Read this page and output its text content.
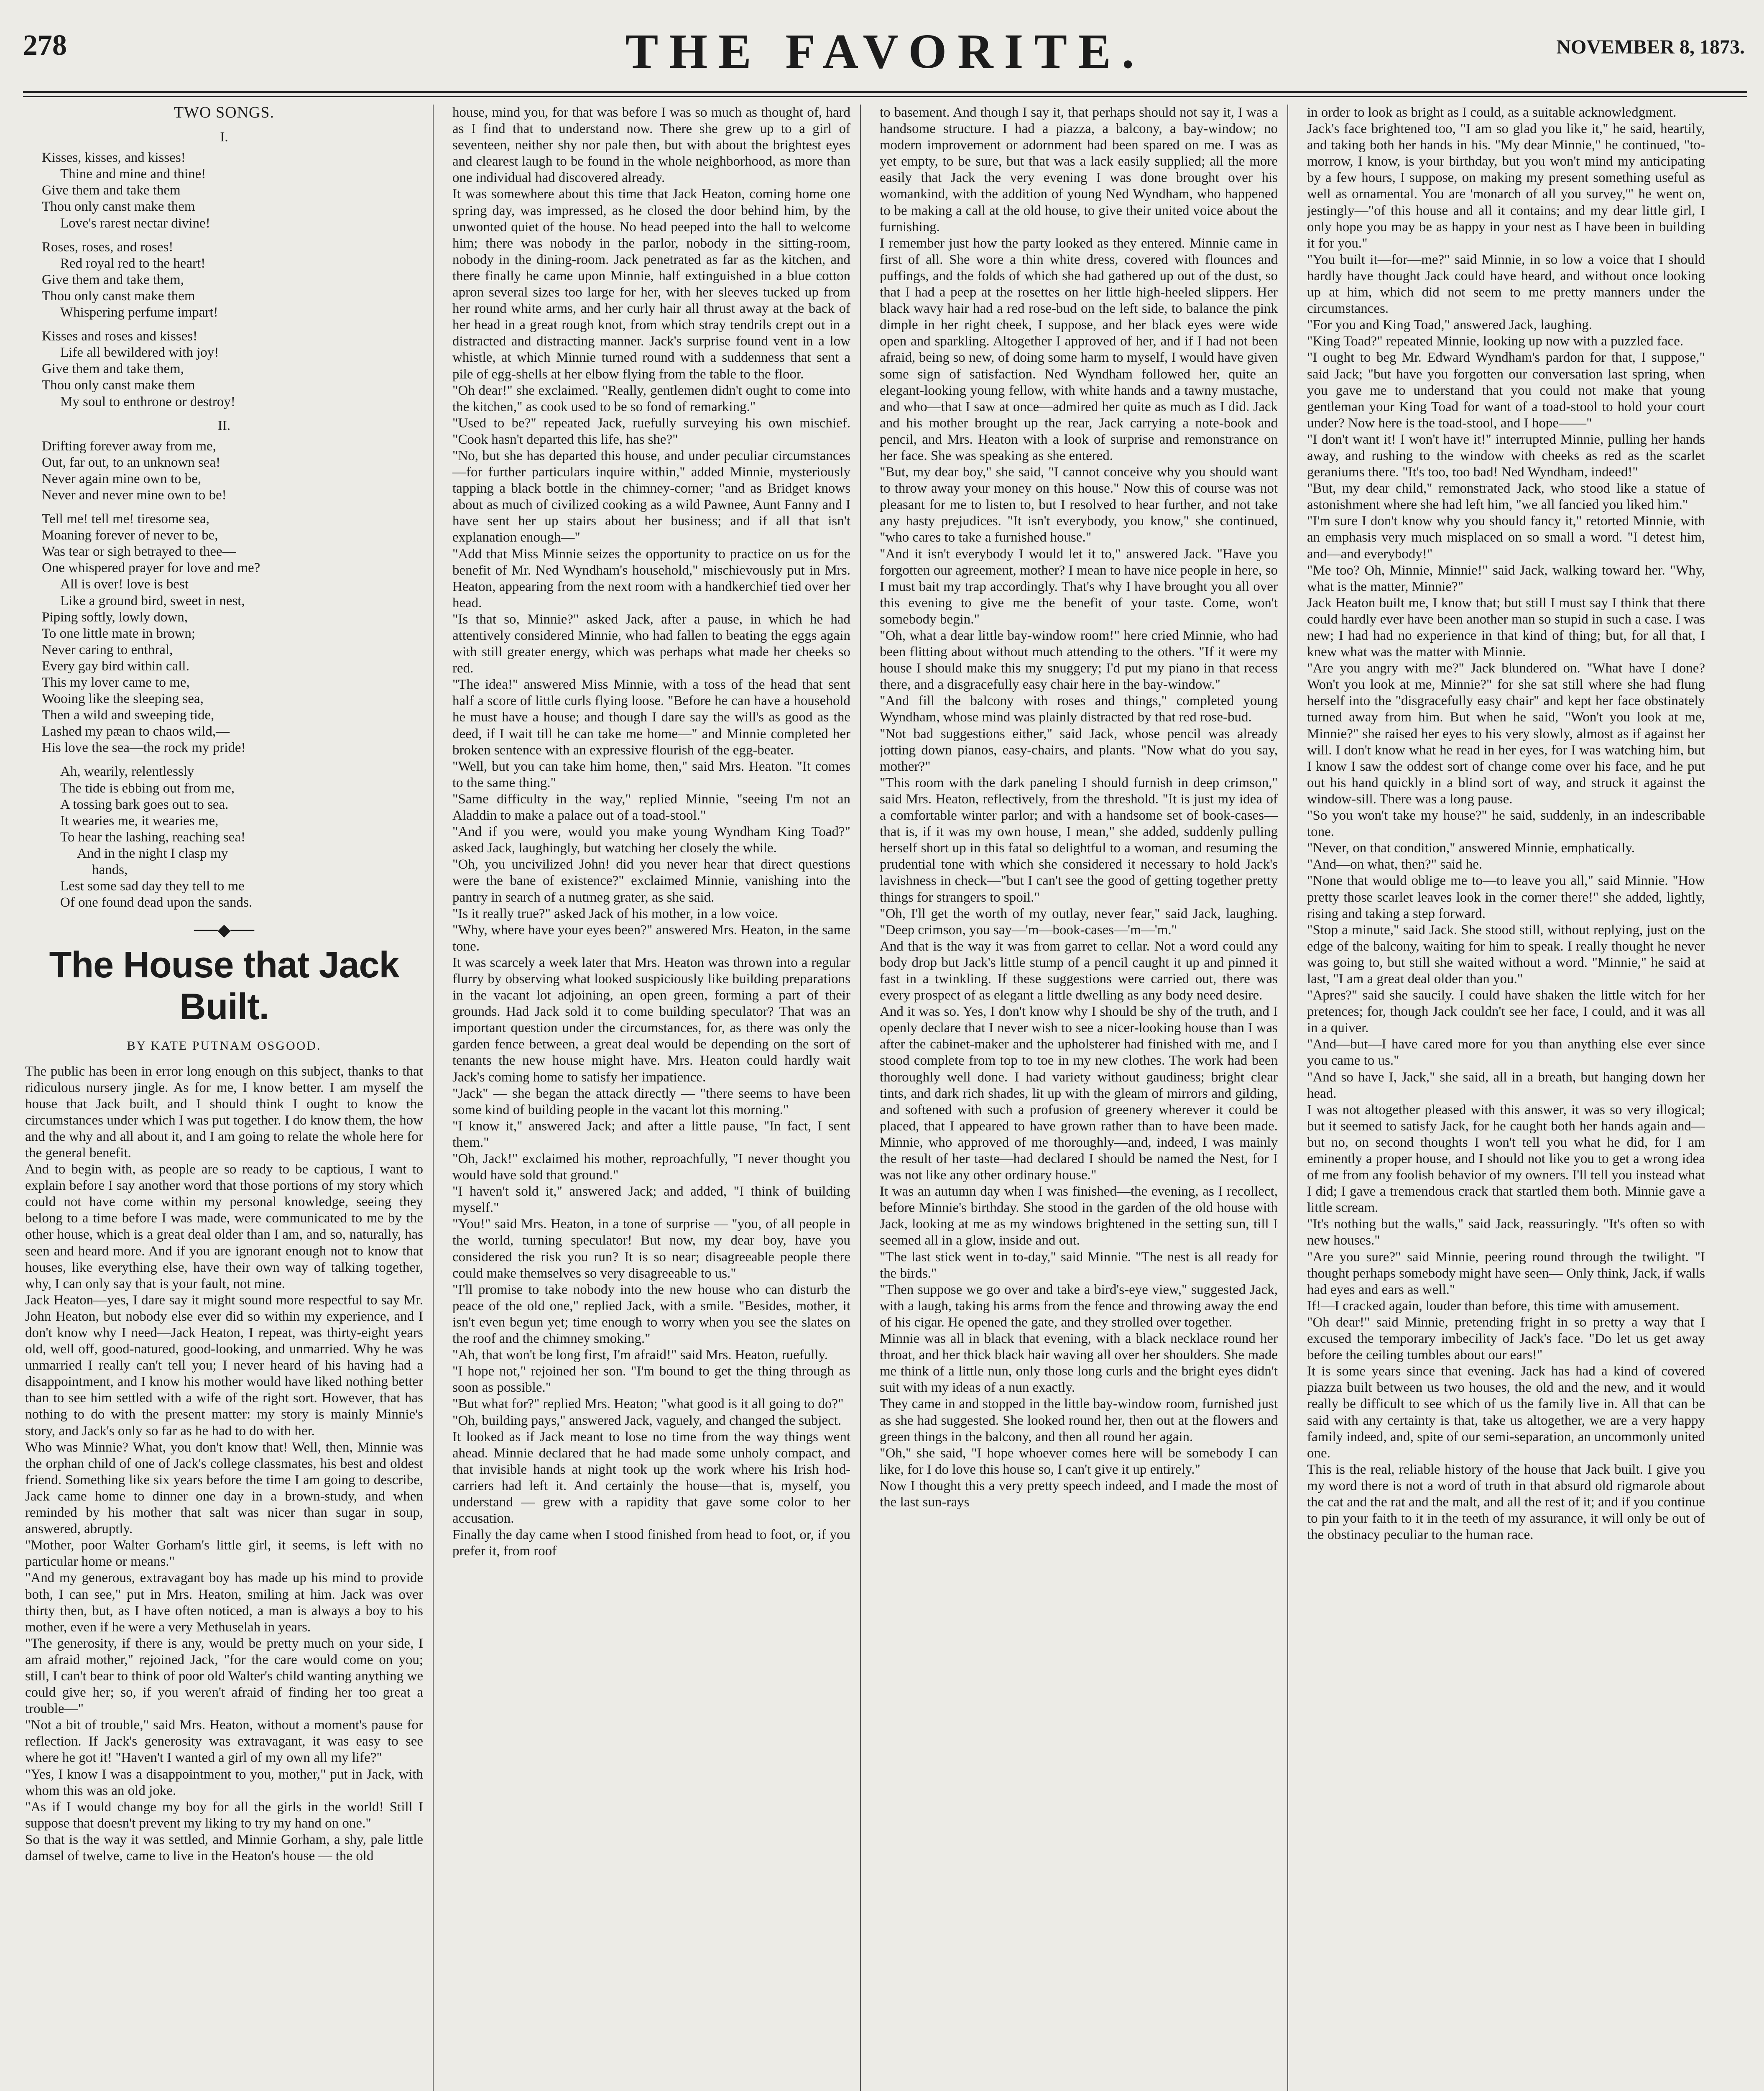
278	THE FAVORITE.	NOVEMBER 8, 1873.
TWO SONGS.
I.
Kisses, kisses, and kisses!
Thine and mine and thine!
Give them and take them
Thou only canst make them
Love's rarest nectar divine!
Roses, roses, and roses!
Red royal red to the heart!
Give them and take them,
Thou only canst make them
Whispering perfume impart!
Kisses and roses and kisses!
Life all bewildered with joy!
Give them and take them,
Thou only canst make them
My soul to enthrone or destroy!
II.
Drifting forever away from me,
Out, far out, to an unknown sea!
Never again mine own to be,
Never and never mine own to be!
Tell me! tell me! tiresome sea,
Moaning forever of never to be,
Was tear or sigh betrayed to thee—
One whispered prayer for love and me?
All is over! love is best
Like a ground bird, sweet in nest,
Piping softly, lowly down,
To one little mate in brown;
Never caring to enthral,
Every gay bird within call.
This my lover came to me,
Wooing like the sleeping sea,
Then a wild and sweeping tide,
Lashed my pæan to chaos wild,—
His love the sea—the rock my pride!
Ah, wearily, relentlessly
The tide is ebbing out from me,
A tossing bark goes out to sea.
It wearies me, it wearies me,
To hear the lashing, reaching sea!
And in the night I clasp my
hands,
Lest some sad day they tell to me
Of one found dead upon the sands.
──◆──
The House that Jack Built.
BY KATE PUTNAM OSGOOD.
The public has been in error long enough on this subject, thanks to that ridiculous nursery jingle. As for me, I know better. I am myself the house that Jack built, and I should think I ought to know the circumstances under which I was put together. I do know them, the how and the why and all about it, and I am going to relate the whole here for the general benefit.
And to begin with, as people are so ready to be captious, I want to explain before I say another word that those portions of my story which could not have come within my personal knowledge, seeing they belong to a time before I was made, were communicated to me by the other house, which is a great deal older than I am, and so, naturally, has seen and heard more. And if you are ignorant enough not to know that houses, like everything else, have their own way of talking together, why, I can only say that is your fault, not mine.
Jack Heaton—yes, I dare say it might sound more respectful to say Mr. John Heaton, but nobody else ever did so within my experience, and I don't know why I need—Jack Heaton, I repeat, was thirty-eight years old, well off, good-natured, good-looking, and unmarried. Why he was unmarried I really can't tell you; I never heard of his having had a disappointment, and I know his mother would have liked nothing better than to see him settled with a wife of the right sort. However, that has nothing to do with the present matter: my story is mainly Minnie's story, and Jack's only so far as he had to do with her.
Who was Minnie? What, you don't know that! Well, then, Minnie was the orphan child of one of Jack's college classmates, his best and oldest friend. Something like six years before the time I am going to describe, Jack came home to dinner one day in a brown-study, and when reminded by his mother that salt was nicer than sugar in soup, answered, abruptly.
"Mother, poor Walter Gorham's little girl, it seems, is left with no particular home or means."
"And my generous, extravagant boy has made up his mind to provide both, I can see," put in Mrs. Heaton, smiling at him. Jack was over thirty then, but, as I have often noticed, a man is always a boy to his mother, even if he were a very Methuselah in years.
"The generosity, if there is any, would be pretty much on your side, I am afraid mother," rejoined Jack, "for the care would come on you; still, I can't bear to think of poor old Walter's child wanting anything we could give her; so, if you weren't afraid of finding her too great a trouble—"
"Not a bit of trouble," said Mrs. Heaton, without a moment's pause for reflection. If Jack's generosity was extravagant, it was easy to see where he got it! "Haven't I wanted a girl of my own all my life?"
"Yes, I know I was a disappointment to you, mother," put in Jack, with whom this was an old joke.
"As if I would change my boy for all the girls in the world! Still I suppose that doesn't prevent my liking to try my hand on one."
So that is the way it was settled, and Minnie Gorham, a shy, pale little damsel of twelve, came to live in the Heaton's house — the old
house, mind you, for that was before I was so much as thought of, hard as I find that to understand now. There she grew up to a girl of seventeen, neither shy nor pale then, but with about the brightest eyes and clearest laugh to be found in the whole neighborhood, as more than one individual had discovered already.
It was somewhere about this time that Jack Heaton, coming home one spring day, was impressed, as he closed the door behind him, by the unwonted quiet of the house. No head peeped into the hall to welcome him; there was nobody in the parlor, nobody in the sitting-room, nobody in the dining-room. Jack penetrated as far as the kitchen, and there finally he came upon Minnie, half extinguished in a blue cotton apron several sizes too large for her, with her sleeves tucked up from her round white arms, and her curly hair all thrust away at the back of her head in a great rough knot, from which stray tendrils crept out in a distracted and distracting manner. Jack's surprise found vent in a low whistle, at which Minnie turned round with a suddenness that sent a pile of egg-shells at her elbow flying from the table to the floor.
"Oh dear!" she exclaimed. "Really, gentlemen didn't ought to come into the kitchen," as cook used to be so fond of remarking."
"Used to be?" repeated Jack, ruefully surveying his own mischief. "Cook hasn't departed this life, has she?"
"No, but she has departed this house, and under peculiar circumstances—for further particulars inquire within," added Minnie, mysteriously tapping a black bottle in the chimney-corner; "and as Bridget knows about as much of civilized cooking as a wild Pawnee, Aunt Fanny and I have sent her up stairs about her business; and if all that isn't explanation enough—"
"Add that Miss Minnie seizes the opportunity to practice on us for the benefit of Mr. Ned Wyndham's household," mischievously put in Mrs. Heaton, appearing from the next room with a handkerchief tied over her head.
"Is that so, Minnie?" asked Jack, after a pause, in which he had attentively considered Minnie, who had fallen to beating the eggs again with still greater energy, which was perhaps what made her cheeks so red.
"The idea!" answered Miss Minnie, with a toss of the head that sent half a score of little curls flying loose. "Before he can have a household he must have a house; and though I dare say the will's as good as the deed, if I wait till he can take me home—" and Minnie completed her broken sentence with an expressive flourish of the egg-beater.
"Well, but you can take him home, then," said Mrs. Heaton. "It comes to the same thing."
"Same difficulty in the way," replied Minnie, "seeing I'm not an Aladdin to make a palace out of a toad-stool."
"And if you were, would you make young Wyndham King Toad?" asked Jack, laughingly, but watching her closely the while.
"Oh, you uncivilized John! did you never hear that direct questions were the bane of existence?" exclaimed Minnie, vanishing into the pantry in search of a nutmeg grater, as she said.
"Is it really true?" asked Jack of his mother, in a low voice.
"Why, where have your eyes been?" answered Mrs. Heaton, in the same tone.
It was scarcely a week later that Mrs. Heaton was thrown into a regular flurry by observing what looked suspiciously like building preparations in the vacant lot adjoining, an open green, forming a part of their grounds. Had Jack sold it to come building speculator? That was an important question under the circumstances, for, as there was only the garden fence between, a great deal would be depending on the sort of tenants the new house might have. Mrs. Heaton could hardly wait Jack's coming home to satisfy her impatience.
"Jack" — she began the attack directly — "there seems to have been some kind of building people in the vacant lot this morning."
"I know it," answered Jack; and after a little pause, "In fact, I sent them."
"Oh, Jack!" exclaimed his mother, reproachfully, "I never thought you would have sold that ground."
"I haven't sold it," answered Jack; and added, "I think of building myself."
"You!" said Mrs. Heaton, in a tone of surprise — "you, of all people in the world, turning speculator! But now, my dear boy, have you considered the risk you run? It is so near; disagreeable people there could make themselves so very disagreeable to us."
"I'll promise to take nobody into the new house who can disturb the peace of the old one," replied Jack, with a smile. "Besides, mother, it isn't even begun yet; time enough to worry when you see the slates on the roof and the chimney smoking."
"Ah, that won't be long first, I'm afraid!" said Mrs. Heaton, ruefully.
"I hope not," rejoined her son. "I'm bound to get the thing through as soon as possible."
"But what for?" replied Mrs. Heaton; "what good is it all going to do?"
"Oh, building pays," answered Jack, vaguely, and changed the subject.
It looked as if Jack meant to lose no time from the way things went ahead. Minnie declared that he had made some unholy compact, and that invisible hands at night took up the work where his Irish hod-carriers had left it. And certainly the house—that is, myself, you understand — grew with a rapidity that gave some color to her accusation.
Finally the day came when I stood finished from head to foot, or, if you prefer it, from roof
to basement. And though I say it, that perhaps should not say it, I was a handsome structure. I had a piazza, a balcony, a bay-window; no modern improvement or adornment had been spared on me. I was as yet empty, to be sure, but that was a lack easily supplied; all the more easily that Jack the very evening I was done brought over his womankind, with the addition of young Ned Wyndham, who happened to be making a call at the old house, to give their united voice about the furnishing.
I remember just how the party looked as they entered. Minnie came in first of all. She wore a thin white dress, covered with flounces and puffings, and the folds of which she had gathered up out of the dust, so that I had a peep at the rosettes on her little high-heeled slippers. Her black wavy hair had a red rose-bud on the left side, to balance the pink dimple in her right cheek, I suppose, and her black eyes were wide open and sparkling. Altogether I approved of her, and if I had not been afraid, being so new, of doing some harm to myself, I would have given some sign of satisfaction. Ned Wyndham followed her, quite an elegant-looking young fellow, with white hands and a tawny mustache, and who—that I saw at once—admired her quite as much as I did. Jack and his mother brought up the rear, Jack carrying a note-book and pencil, and Mrs. Heaton with a look of surprise and remonstrance on her face. She was speaking as she entered.
"But, my dear boy," she said, "I cannot conceive why you should want to throw away your money on this house." Now this of course was not pleasant for me to listen to, but I resolved to hear further, and not take any hasty prejudices. "It isn't everybody, you know," she continued, "who cares to take a furnished house."
"And it isn't everybody I would let it to," answered Jack. "Have you forgotten our agreement, mother? I mean to have nice people in here, so I must bait my trap accordingly. That's why I have brought you all over this evening to give me the benefit of your taste. Come, won't somebody begin."
"Oh, what a dear little bay-window room!" here cried Minnie, who had been flitting about without much attending to the others. "If it were my house I should make this my snuggery; I'd put my piano in that recess there, and a disgracefully easy chair here in the bay-window."
"And fill the balcony with roses and things," completed young Wyndham, whose mind was plainly distracted by that red rose-bud.
"Not bad suggestions either," said Jack, whose pencil was already jotting down pianos, easy-chairs, and plants. "Now what do you say, mother?"
"This room with the dark paneling I should furnish in deep crimson," said Mrs. Heaton, reflectively, from the threshold. "It is just my idea of a comfortable winter parlor; and with a handsome set of book-cases—that is, if it was my own house, I mean," she added, suddenly pulling herself short up in this fatal so delightful to a woman, and resuming the prudential tone with which she considered it necessary to hold Jack's lavishness in check—"but I can't see the good of getting together pretty things for strangers to spoil."
"Oh, I'll get the worth of my outlay, never fear," said Jack, laughing. "Deep crimson, you say—'m—book-cases—'m—'m."
And that is the way it was from garret to cellar. Not a word could any body drop but Jack's little stump of a pencil caught it up and pinned it fast in a twinkling. If these suggestions were carried out, there was every prospect of as elegant a little dwelling as any body need desire.
And it was so. Yes, I don't know why I should be shy of the truth, and I openly declare that I never wish to see a nicer-looking house than I was after the cabinet-maker and the upholsterer had finished with me, and I stood complete from top to toe in my new clothes. The work had been thoroughly well done. I had variety without gaudiness; bright clear tints, and dark rich shades, lit up with the gleam of mirrors and gilding, and softened with such a profusion of greenery wherever it could be placed, that I appeared to have grown rather than to have been made. Minnie, who approved of me thoroughly—and, indeed, I was mainly the result of her taste—had declared I should be named the Nest, for I was not like any other ordinary house."
It was an autumn day when I was finished—the evening, as I recollect, before Minnie's birthday. She stood in the garden of the old house with Jack, looking at me as my windows brightened in the setting sun, till I seemed all in a glow, inside and out.
"The last stick went in to-day," said Minnie. "The nest is all ready for the birds."
"Then suppose we go over and take a bird's-eye view," suggested Jack, with a laugh, taking his arms from the fence and throwing away the end of his cigar. He opened the gate, and they strolled over together.
Minnie was all in black that evening, with a black necklace round her throat, and her thick black hair waving all over her shoulders. She made me think of a little nun, only those long curls and the bright eyes didn't suit with my ideas of a nun exactly.
They came in and stopped in the little bay-window room, furnished just as she had suggested. She looked round her, then out at the flowers and green things in the balcony, and then all round her again.
"Oh," she said, "I hope whoever comes here will be somebody I can like, for I do love this house so, I can't give it up entirely."
Now I thought this a very pretty speech indeed, and I made the most of the last sun-rays
in order to look as bright as I could, as a suitable acknowledgment.
Jack's face brightened too, "I am so glad you like it," he said, heartily, and taking both her hands in his. "My dear Minnie," he continued, "to-morrow, I know, is your birthday, but you won't mind my anticipating by a few hours, I suppose, on making my present something useful as well as ornamental. You are 'monarch of all you survey,'" he went on, jestingly—"of this house and all it contains; and my dear little girl, I only hope you may be as happy in your nest as I have been in building it for you."
"You built it—for—me?" said Minnie, in so low a voice that I should hardly have thought Jack could have heard, and without once looking up at him, which did not seem to me pretty manners under the circumstances.
"For you and King Toad," answered Jack, laughing.
"King Toad?" repeated Minnie, looking up now with a puzzled face.
"I ought to beg Mr. Edward Wyndham's pardon for that, I suppose," said Jack; "but have you forgotten our conversation last spring, when you gave me to understand that you could not make that young gentleman your King Toad for want of a toad-stool to hold your court under? Now here is the toad-stool, and I hope——"
"I don't want it! I won't have it!" interrupted Minnie, pulling her hands away, and rushing to the window with cheeks as red as the scarlet geraniums there. "It's too, too bad! Ned Wyndham, indeed!"
"But, my dear child," remonstrated Jack, who stood like a statue of astonishment where she had left him, "we all fancied you liked him."
"I'm sure I don't know why you should fancy it," retorted Minnie, with an emphasis very much misplaced on so small a word. "I detest him, and—and everybody!"
"Me too? Oh, Minnie, Minnie!" said Jack, walking toward her. "Why, what is the matter, Minnie?"
Jack Heaton built me, I know that; but still I must say I think that there could hardly ever have been another man so stupid in such a case. I was new; I had had no experience in that kind of thing; but, for all that, I knew what was the matter with Minnie.
"Are you angry with me?" Jack blundered on. "What have I done? Won't you look at me, Minnie?" for she sat still where she had flung herself into the "disgracefully easy chair" and kept her face obstinately turned away from him. But when he said, "Won't you look at me, Minnie?" she raised her eyes to his very slowly, almost as if against her will. I don't know what he read in her eyes, for I was watching him, but I know I saw the oddest sort of change come over his face, and he put out his hand quickly in a blind sort of way, and struck it against the window-sill. There was a long pause.
"So you won't take my house?" he said, suddenly, in an indescribable tone.
"Never, on that condition," answered Minnie, emphatically.
"And—on what, then?" said he.
"None that would oblige me to—to leave you all," said Minnie. "How pretty those scarlet leaves look in the corner there!" she added, lightly, rising and taking a step forward.
"Stop a minute," said Jack. She stood still, without replying, just on the edge of the balcony, waiting for him to speak. I really thought he never was going to, but still she waited without a word. "Minnie," he said at last, "I am a great deal older than you."
"Apres?" said she saucily. I could have shaken the little witch for her pretences; for, though Jack couldn't see her face, I could, and it was all in a quiver.
"And—but—I have cared more for you than anything else ever since you came to us."
"And so have I, Jack," she said, all in a breath, but hanging down her head.
I was not altogether pleased with this answer, it was so very illogical; but it seemed to satisfy Jack, for he caught both her hands again and—but no, on second thoughts I won't tell you what he did, for I am eminently a proper house, and I should not like you to get a wrong idea of me from any foolish behavior of my owners. I'll tell you instead what I did; I gave a tremendous crack that startled them both. Minnie gave a little scream.
"It's nothing but the walls," said Jack, reassuringly. "It's often so with new houses."
"Are you sure?" said Minnie, peering round through the twilight. "I thought perhaps somebody might have seen— Only think, Jack, if walls had eyes and ears as well."
If!—I cracked again, louder than before, this time with amusement.
"Oh dear!" said Minnie, pretending fright in so pretty a way that I excused the temporary imbecility of Jack's face. "Do let us get away before the ceiling tumbles about our ears!"
It is some years since that evening. Jack has had a kind of covered piazza built between us two houses, the old and the new, and it would really be difficult to see which of us the family live in. All that can be said with any certainty is that, take us altogether, we are a very happy family indeed, and, spite of our semi-separation, an uncommonly united one.
This is the real, reliable history of the house that Jack built. I give you my word there is not a word of truth in that absurd old rigmarole about the cat and the rat and the malt, and all the rest of it; and if you continue to pin your faith to it in the teeth of my assurance, it will only be out of the obstinacy peculiar to the human race.
